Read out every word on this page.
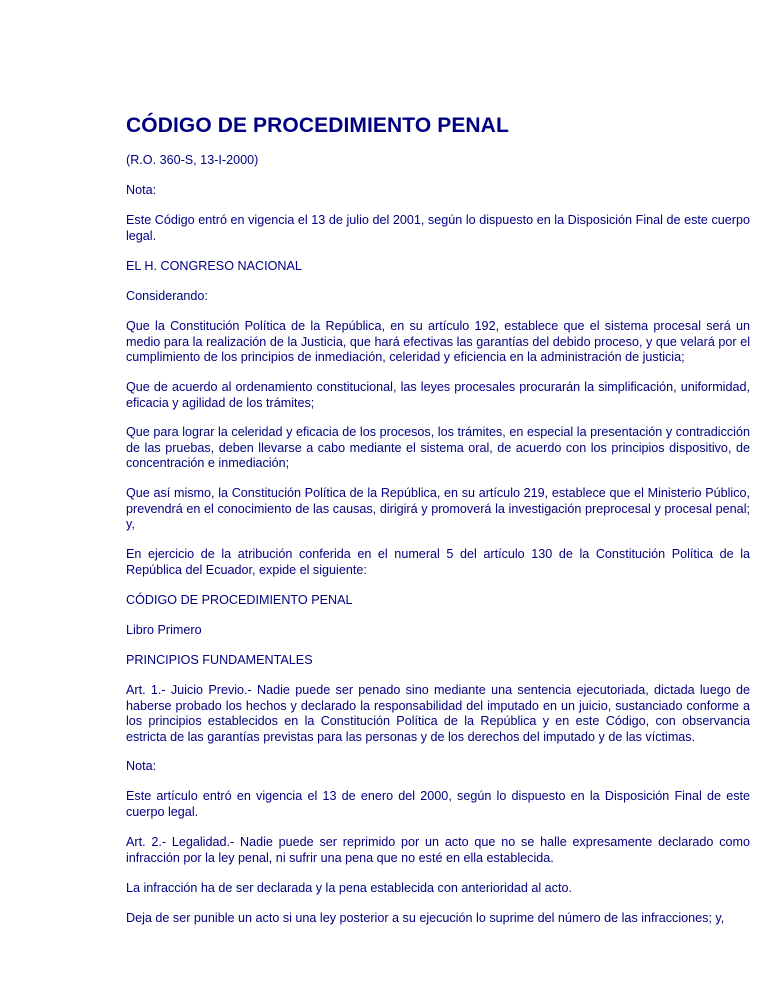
CÓDIGO DE PROCEDIMIENTO PENAL

(R.O. 360-S, 13-I-2000)

Nota:

Este Código entró en vigencia el 13 de julio del 2001, según lo dispuesto en la Disposición Final de este cuerpo legal.

EL H. CONGRESO NACIONAL

Considerando:

Que la Constitución Política de la República, en su artículo 192, establece que el sistema procesal será un medio para la realización de la Justicia, que hará efectivas las garantías del debido proceso, y que velará por el cumplimiento de los principios de inmediación, celeridad y eficiencia en la administración de justicia;

Que de acuerdo al ordenamiento constitucional, las leyes procesales procurarán la simplificación, uniformidad, eficacia y agilidad de los trámites;

Que para lograr la celeridad y eficacia de los procesos, los trámites, en especial la presentación y contradicción de las pruebas, deben llevarse a cabo mediante el sistema oral, de acuerdo con los principios dispositivo, de concentración e inmediación;

Que así mismo, la Constitución Política de la República, en su artículo 219, establece que el Ministerio Público, prevendrá en el conocimiento de las causas, dirigirá y promoverá la investigación preprocesal y procesal penal; y,

En ejercicio de la atribución conferida en el numeral 5 del artículo 130 de la Constitución Política de la República del Ecuador, expide el siguiente:

CÓDIGO DE PROCEDIMIENTO PENAL

Libro Primero

PRINCIPIOS FUNDAMENTALES

Art. 1.- Juicio Previo.- Nadie puede ser penado sino mediante una sentencia ejecutoriada, dictada luego de haberse probado los hechos y declarado la responsabilidad del imputado en un juicio, sustanciado conforme a los principios establecidos en la Constitución Política de la República y en este Código, con observancia estricta de las garantías previstas para las personas y de los derechos del imputado y de las víctimas.

Nota:

Este artículo entró en vigencia el 13 de enero del 2000, según lo dispuesto en la Disposición Final de este cuerpo legal.

Art. 2.- Legalidad.- Nadie puede ser reprimido por un acto que no se halle expresamente declarado como infracción por la ley penal, ni sufrir una pena que no esté en ella establecida.

La infracción ha de ser declarada y la pena establecida con anterioridad al acto.

Deja de ser punible un acto si una ley posterior a su ejecución lo suprime del número de las infracciones; y,
